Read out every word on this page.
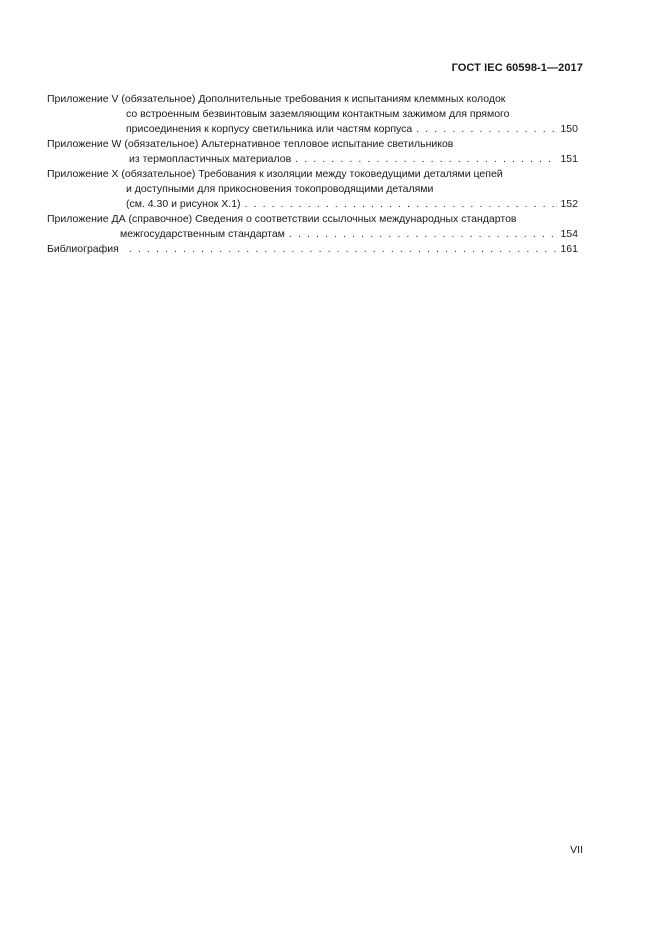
ГОСТ IEC 60598-1—2017
Приложение V (обязательное) Дополнительные требования к испытаниям клеммных колодок
со встроенным безвинтовым заземляющим контактным зажимом для прямого
присоединения к корпусу светильника или частям корпуса . . .	150
Приложение W (обязательное) Альтернативное тепловое испытание светильников
из термопластичных материалов . . .	151
Приложение X (обязательное) Требования к изоляции между токоведущими деталями цепей
и доступными для прикосновения токопроводящими деталями
(см. 4.30 и рисунок Х.1) . . .	152
Приложение ДА (справочное) Сведения о соответствии ссылочных международных стандартов
межгосударственным стандартам . . .	154
Библиография . . .	161
VII
